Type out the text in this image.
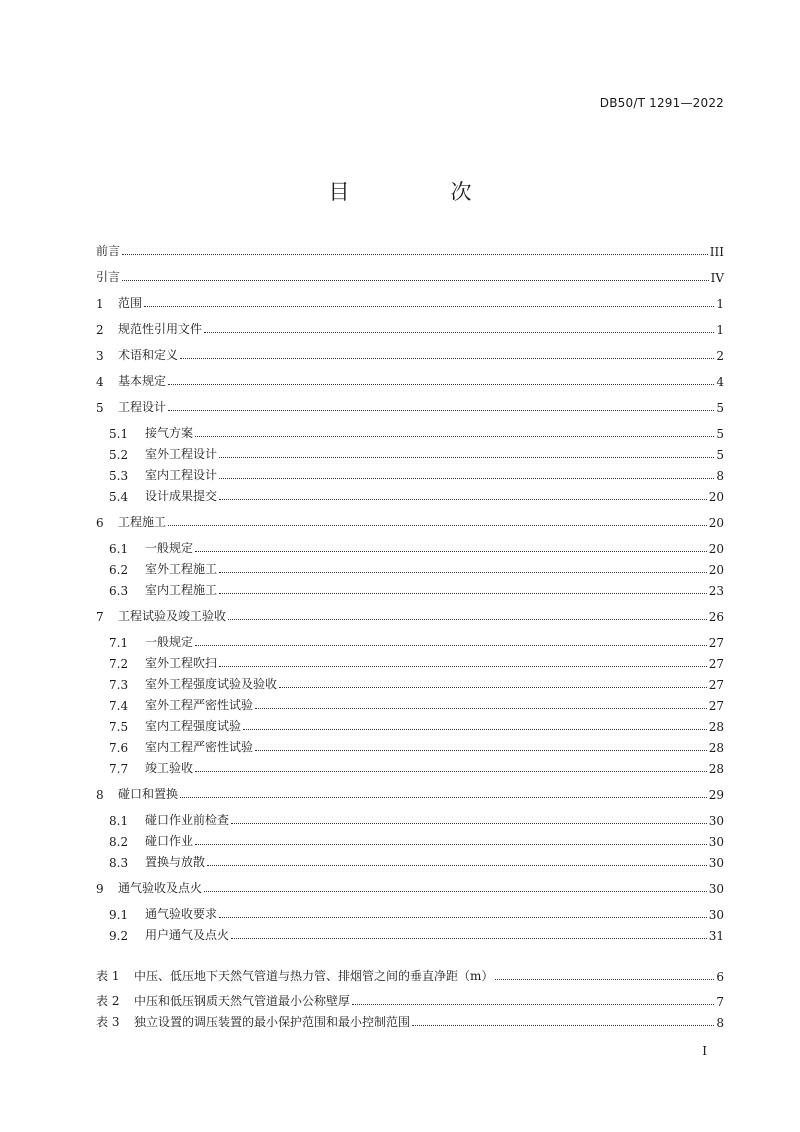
DB50/T 1291—2022
目　次
前言	III
引言	IV
1	范围	1
2	规范性引用文件	1
3	术语和定义	2
4	基本规定	4
5	工程设计	5
5.1	接气方案	5
5.2	室外工程设计	5
5.3	室内工程设计	8
5.4	设计成果提交	20
6	工程施工	20
6.1	一般规定	20
6.2	室外工程施工	20
6.3	室内工程施工	23
7	工程试验及竣工验收	26
7.1	一般规定	27
7.2	室外工程吹扫	27
7.3	室外工程强度试验及验收	27
7.4	室外工程严密性试验	27
7.5	室内工程强度试验	28
7.6	室内工程严密性试验	28
7.7	竣工验收	28
8	碰口和置换	29
8.1	碰口作业前检查	30
8.2	碰口作业	30
8.3	置换与放散	30
9	通气验收及点火	30
9.1	通气验收要求	30
9.2	用户通气及点火	31
表 1	中压、低压地下天然气管道与热力管、排烟管之间的垂直净距（m）	6
表 2	中压和低压钢质天然气管道最小公称壁厚	7
表 3	独立设置的调压装置的最小保护范围和最小控制范围	8
I
